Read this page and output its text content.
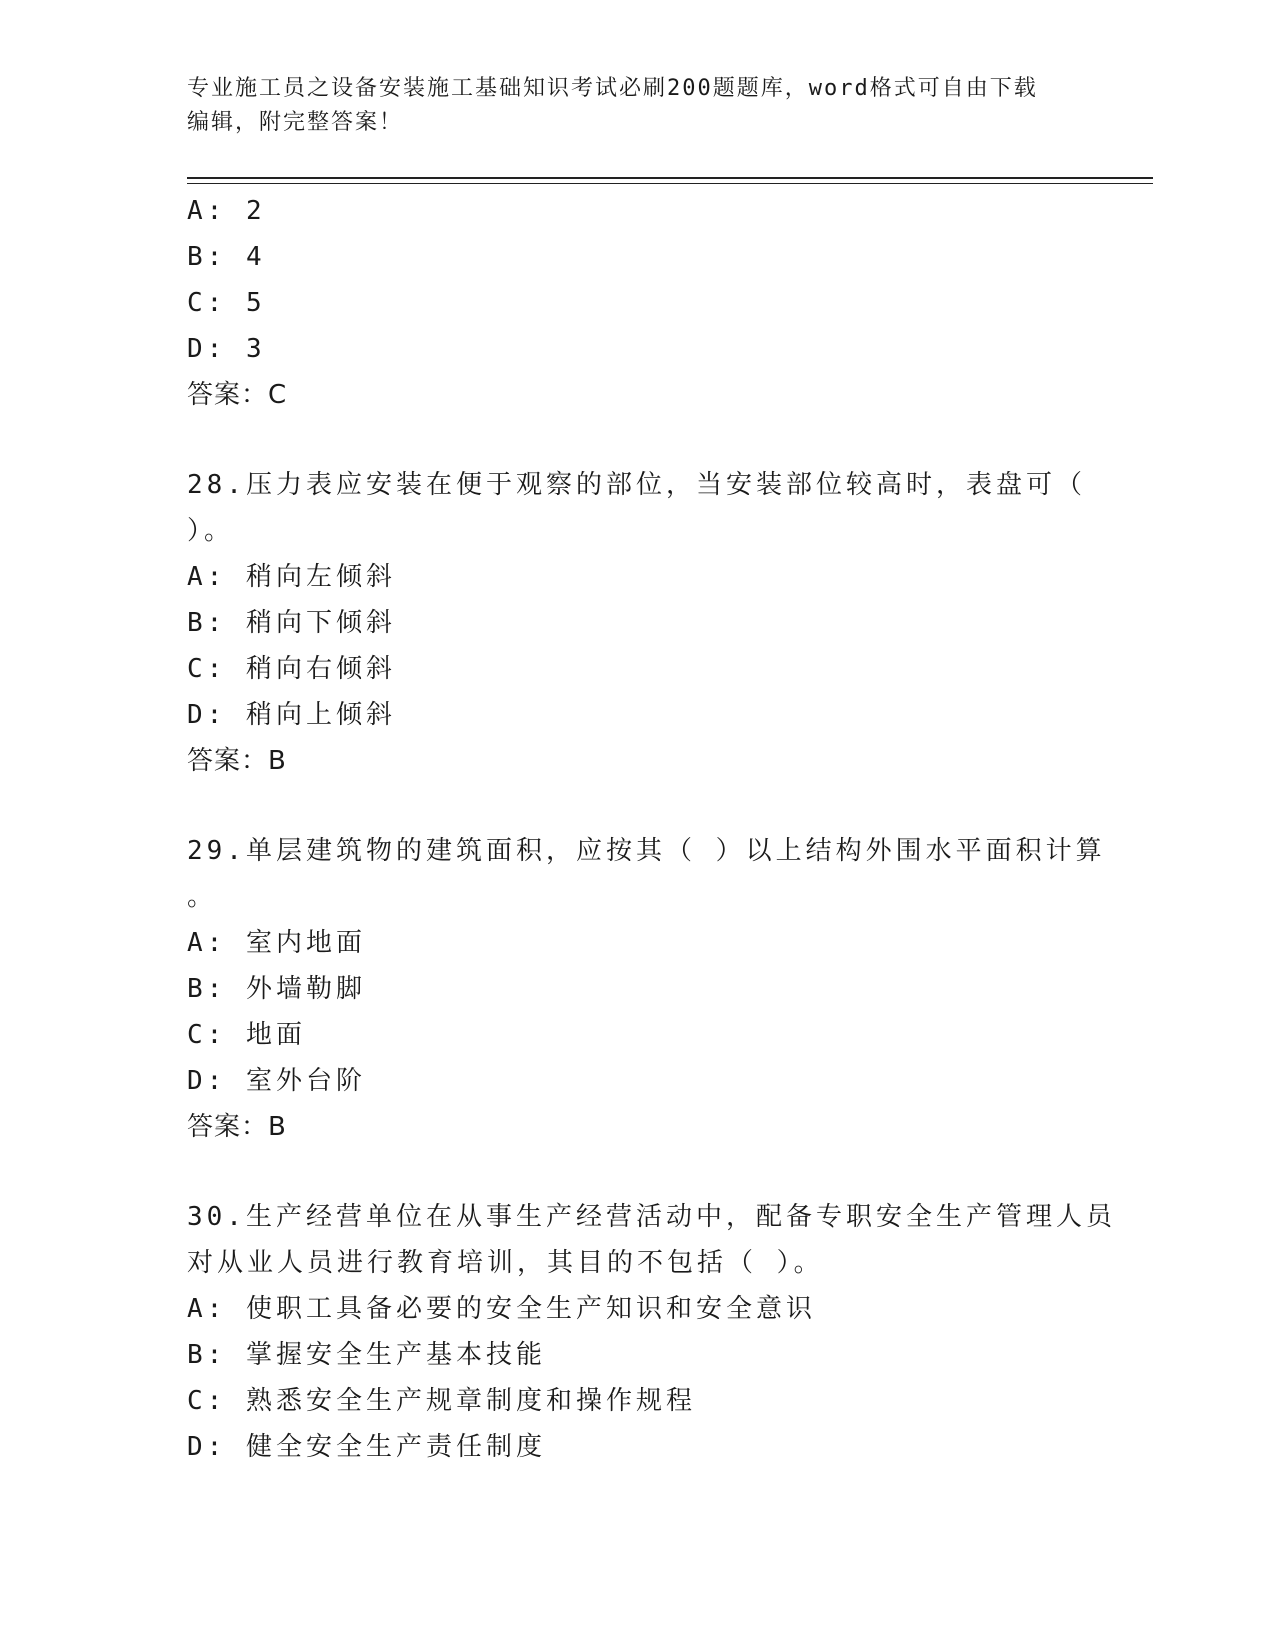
专业施工员之设备安装施工基础知识考试必刷200题题库，word格式可自由下载
编辑，附完整答案！
A: 2
B: 4
C: 5
D: 3
答案：C
28.压力表应安装在便于观察的部位，当安装部位较高时，表盘可（
）。
A: 稍向左倾斜
B: 稍向下倾斜
C: 稍向右倾斜
D: 稍向上倾斜
答案：B
29.单层建筑物的建筑面积，应按其（ ）以上结构外围水平面积计算
。
A: 室内地面
B: 外墙勒脚
C: 地面
D: 室外台阶
答案：B
30.生产经营单位在从事生产经营活动中，配备专职安全生产管理人员
对从业人员进行教育培训，其目的不包括（ ）。
A: 使职工具备必要的安全生产知识和安全意识
B: 掌握安全生产基本技能
C: 熟悉安全生产规章制度和操作规程
D: 健全安全生产责任制度
